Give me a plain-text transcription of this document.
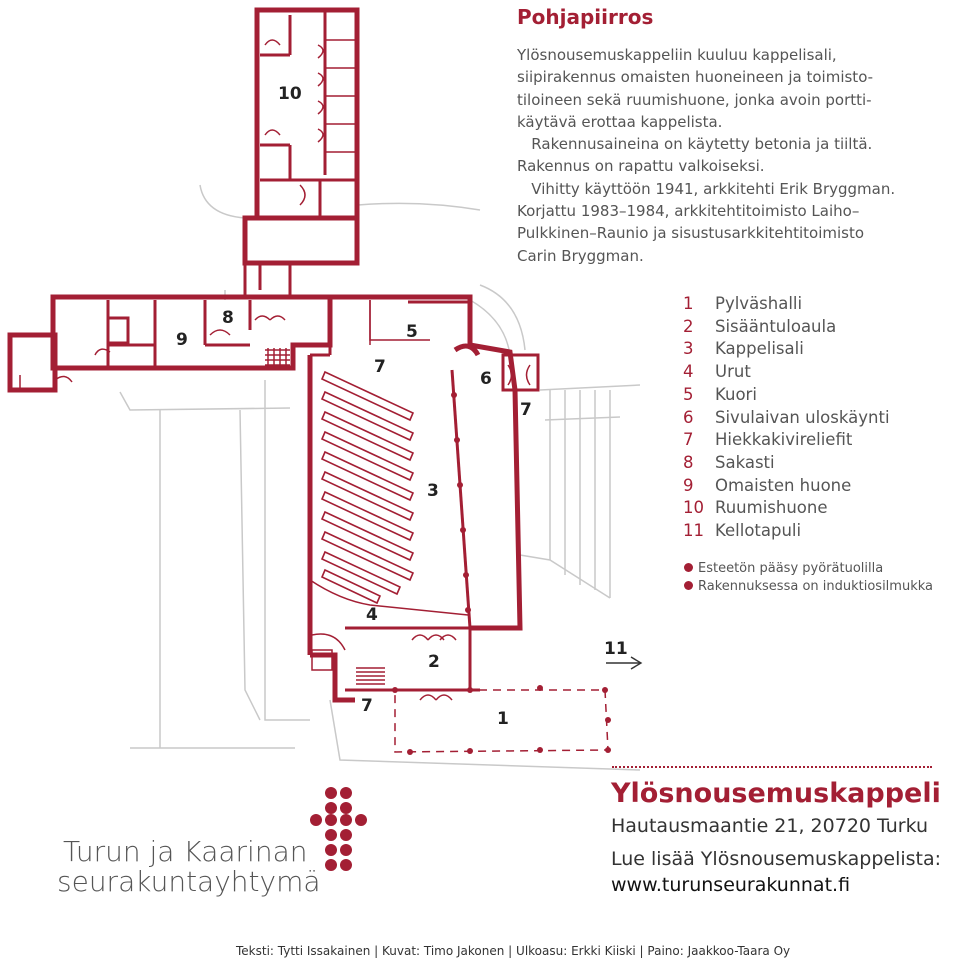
10
9
8
5
7
6
7
3
4
11
2
7
1
Pohjapiirros

Ylösnousemuskappeliin kuuluu kappelisali,

siipirakennus omaisten huoneineen ja toimisto-

tiloineen sekä ruumishuone, jonka avoin portti-

käytävä erottaa kappelista.

Rakennusaineina on käytetty betonia ja tiiltä.

Rakennus on rapattu valkoiseksi.

Vihitty käyttöön 1941, arkkitehti Erik Bryggman.

Korjattu 1983–1984, arkkitehtitoimisto Laiho–

Pulkkinen–Raunio ja sisustusarkkitehtitoimisto

Carin Bryggman.

1 Pylväshalli
2 Sisääntuloaula
3 Kappelisali
4 Urut
5 Kuori
6 Sivulaivan uloskäynti
7 Hiekkakivireliefit
8 Sakasti
9 Omaisten huone
10 Ruumishuone
11 Kellotapuli
Esteetön pääsy pyörätuolilla
Rakennuksessa on induktiosilmukka
Ylösnousemuskappeli
Hautausmaantie 21, 20720 Turku
Lue lisää Ylösnousemuskappelista:
www.turunseurakunnat.fi
Turun ja Kaarinan
seurakuntayhtymä
Teksti: Tytti Issakainen | Kuvat: Timo Jakonen | Ulkoasu: Erkki Kiiski | Paino: Jaakkoo-Taara Oy
